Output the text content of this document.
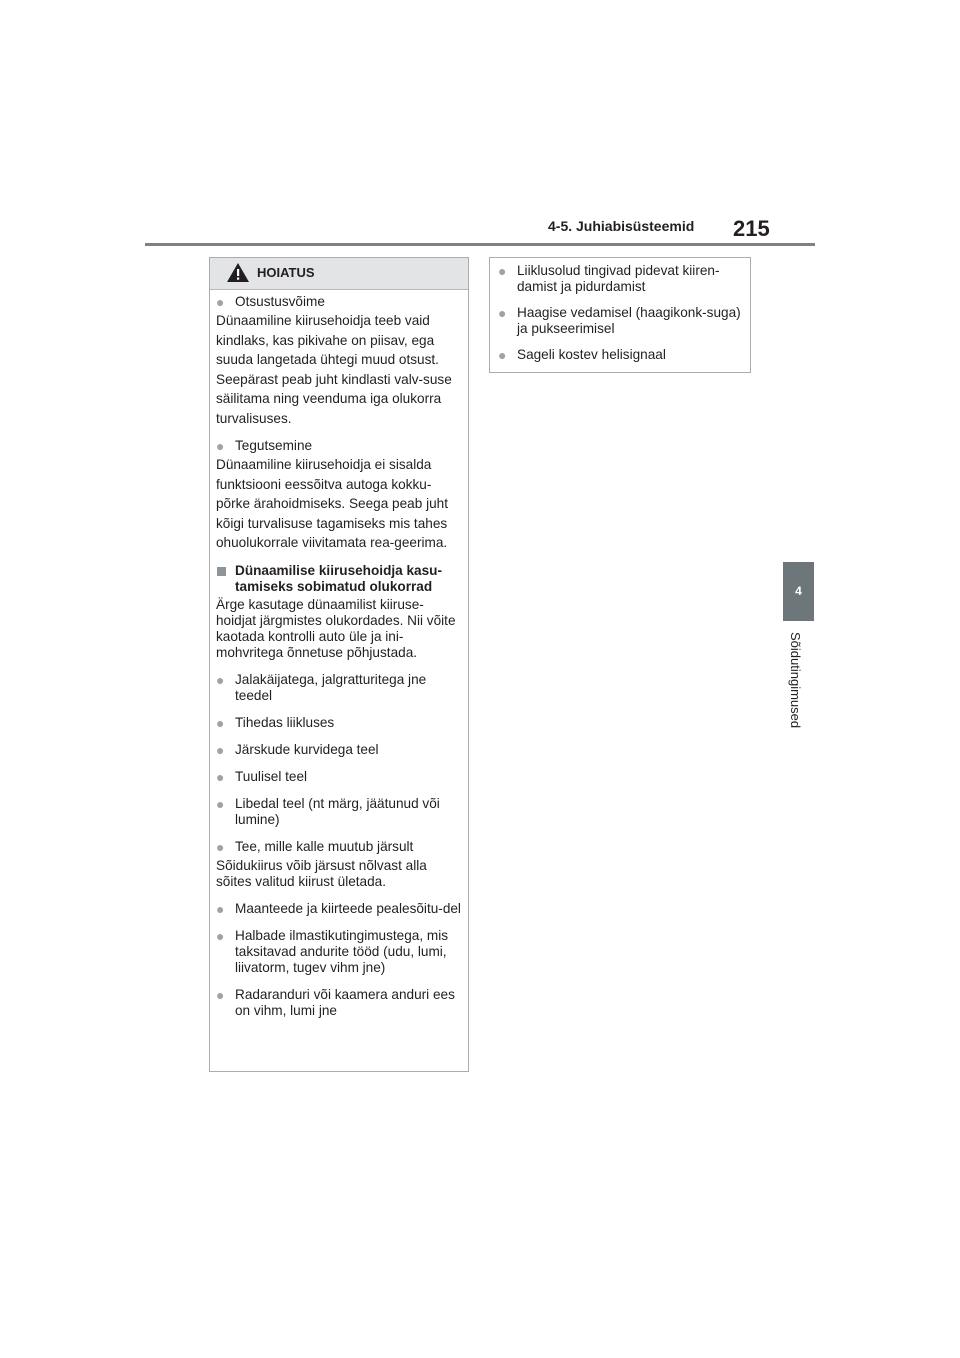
4-5. Juhiabisüsteemid 215
4
Sõidutingimused
HOIATUS
● Otsustusvõime
Dünaamiline kiirusehoidja teeb vaid kindlaks, kas pikivahe on piisav, ega suuda langetada ühtegi muud otsust. Seepärast peab juht kindlasti valv-suse säilitama ning veenduma iga olukorra turvalisuses.
● Tegutsemine
Dünaamiline kiirusehoidja ei sisalda funktsiooni eessõitva autoga kokku-põrke ärahoidmiseks. Seega peab juht kõigi turvalisuse tagamiseks mis tahes ohuolukorrale viivitamata rea-geerima.
Dünaamilise kiirusehoidja kasu-tamiseks sobimatud olukorrad
Ärge kasutage dünaamilist kiiruse-hoidjat järgmistes olukordades. Nii võite kaotada kontrolli auto üle ja ini-mohvritega õnnetuse põhjustada.
● Jalakäijatega, jalgratturitega jne teedel
● Tihedas liikluses
● Järskude kurvidega teel
● Tuulisel teel
● Libedal teel (nt märg, jäätunud või lumine)
● Tee, mille kalle muutub järsult
Sõidukiirus võib järsust nõlvast alla sõites valitud kiirust ületada.
● Maanteede ja kiirteede pealesõitu-del
● Halbade ilmastikutingimustega, mis taksitavad andurite tööd (udu, lumi, liivatorm, tugev vihm jne)
● Radaranduri või kaamera anduri ees on vihm, lumi jne
● Liiklusolud tingivad pidevat kiiren-damist ja pidurdamist
● Haagise vedamisel (haagikonk-suga) ja pukseerimisel
● Sageli kostev helisignaal
